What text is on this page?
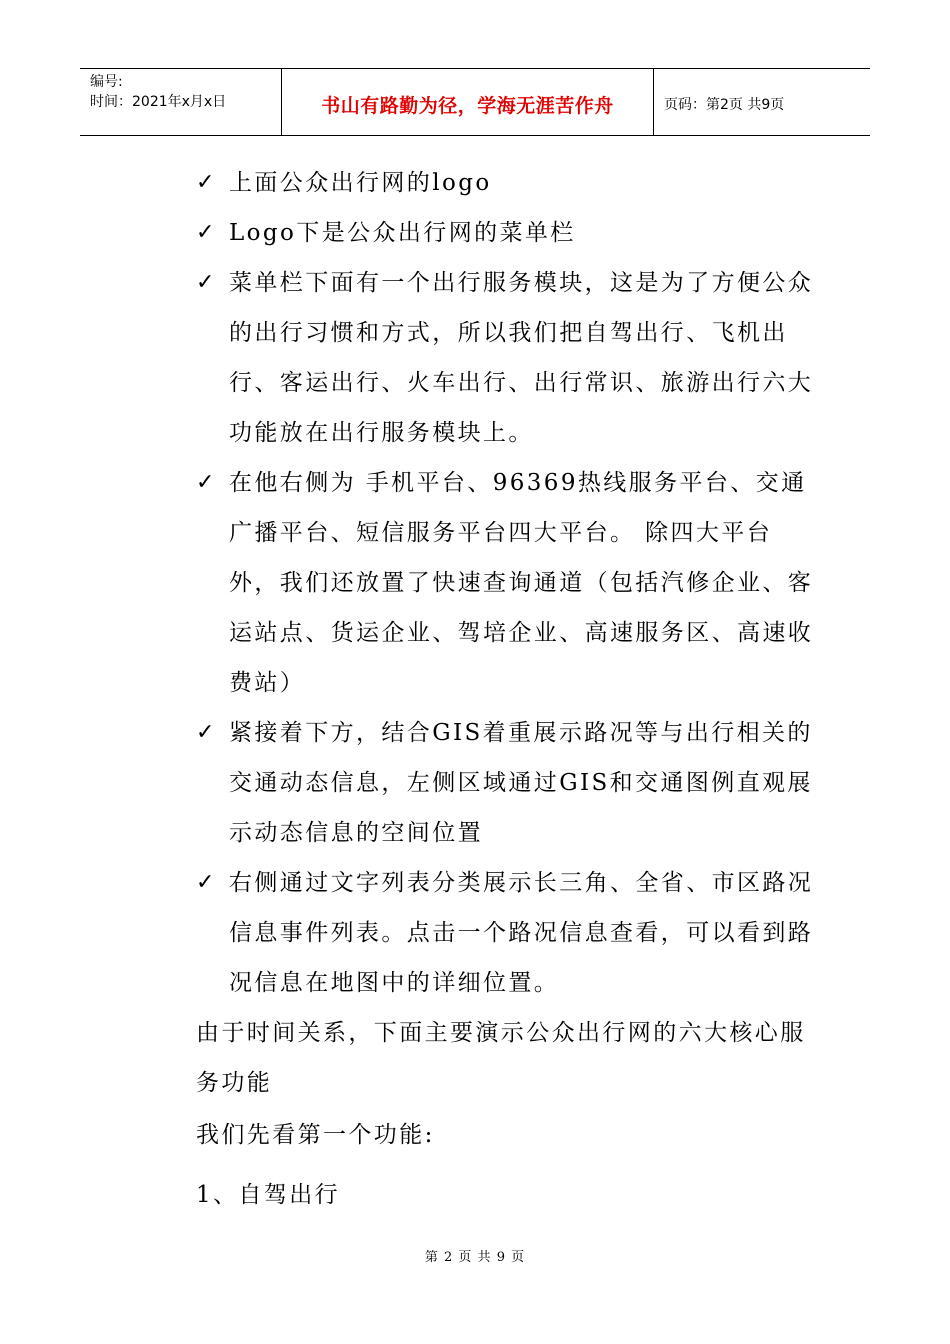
编号:
时间：2021年x月x日	书山有路勤为径，学海无涯苦作舟	页码：第2页 共9页
✓ 上面公众出行网的logo
✓ Logo下是公众出行网的菜单栏
✓ 菜单栏下面有一个出行服务模块，这是为了方便公众的出行习惯和方式，所以我们把自驾出行、飞机出行、客运出行、火车出行、出行常识、旅游出行六大功能放在出行服务模块上。
✓ 在他右侧为 手机平台、96369热线服务平台、交通广播平台、短信服务平台四大平台。 除四大平台外，我们还放置了快速查询通道（包括汽修企业、客运站点、货运企业、驾培企业、高速服务区、高速收费站）
✓ 紧接着下方，结合GIS着重展示路况等与出行相关的交通动态信息，左侧区域通过GIS和交通图例直观展示动态信息的空间位置
✓ 右侧通过文字列表分类展示长三角、全省、市区路况信息事件列表。点击一个路况信息查看，可以看到路况信息在地图中的详细位置。
由于时间关系，下面主要演示公众出行网的六大核心服务功能
我们先看第一个功能:
1、自驾出行
第 2 页 共 9 页
